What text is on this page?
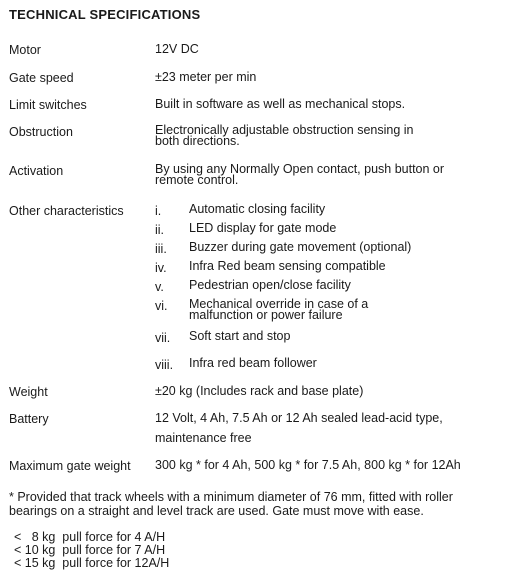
TECHNICAL SPECIFICATIONS
Motor	12V DC
Gate speed	±23 meter per min
Limit switches	Built in software as well as mechanical stops.
Obstruction	Electronically adjustable obstruction sensing in both directions.
Activation	By using any Normally Open contact, push button or remote control.
Other characteristics	i. Automatic closing facility
ii. LED display for gate mode
iii. Buzzer during gate movement (optional)
iv. Infra Red beam sensing compatible
v. Pedestrian open/close facility
vi. Mechanical override in case of a malfunction or power failure
vii. Soft start and stop
viii. Infra red beam follower
Weight	±20 kg (Includes rack and base plate)
Battery	12 Volt, 4 Ah, 7.5 Ah or 12 Ah sealed lead-acid type,
maintenance free
Maximum gate weight 300 kg * for 4 Ah, 500 kg * for 7.5 Ah, 800 kg * for 12Ah
* Provided that track wheels with a minimum diameter of 76 mm, fitted with roller bearings on a straight and level track are used. Gate must move with ease.
<   8 kg  pull force for 4 A/H
< 10 kg  pull force for 7 A/H
< 15 kg  pull force for 12A/H
